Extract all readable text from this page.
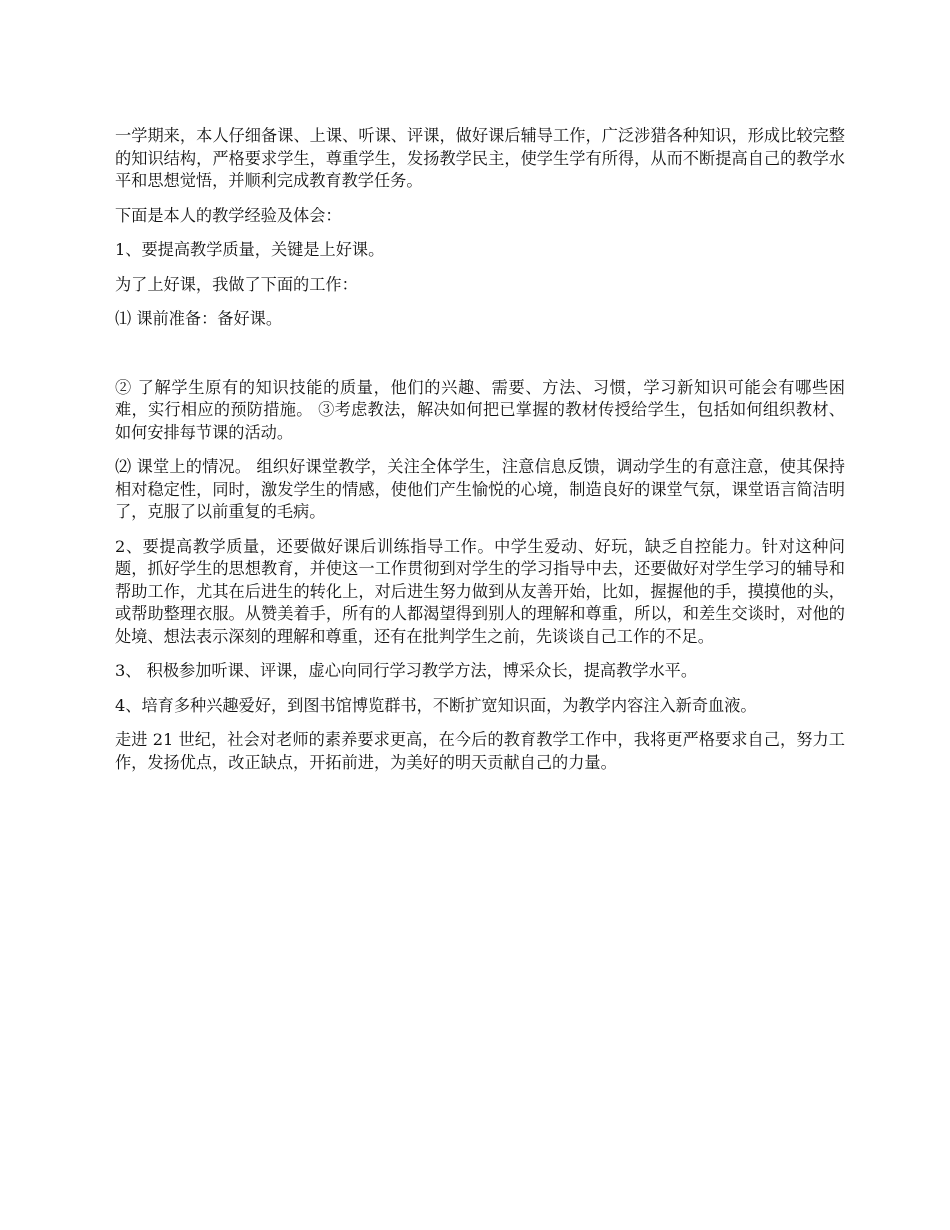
一学期来，本人仔细备课、上课、听课、评课，做好课后辅导工作，广泛涉猎各种知识，形成比较完整的知识结构，严格要求学生，尊重学生，发扬教学民主，使学生学有所得，从而不断提高自己的教学水平和思想觉悟，并顺利完成教育教学任务。

下面是本人的教学经验及体会：

1、要提高教学质量，关键是上好课。

为了上好课，我做了下面的工作：

⑴ 课前准备：备好课。

② 了解学生原有的知识技能的质量，他们的兴趣、需要、方法、习惯，学习新知识可能会有哪些困难，实行相应的预防措施。 ③考虑教法，解决如何把已掌握的教材传授给学生，包括如何组织教材、如何安排每节课的活动。

⑵ 课堂上的情况。 组织好课堂教学，关注全体学生，注意信息反馈，调动学生的有意注意，使其保持相对稳定性，同时，激发学生的情感，使他们产生愉悦的心境，制造良好的课堂气氛，课堂语言简洁明了，克服了以前重复的毛病。

2、要提高教学质量，还要做好课后训练指导工作。中学生爱动、好玩，缺乏自控能力。针对这种问题，抓好学生的思想教育，并使这一工作贯彻到对学生的学习指导中去，还要做好对学生学习的辅导和帮助工作，尤其在后进生的转化上，对后进生努力做到从友善开始，比如，握握他的手，摸摸他的头，或帮助整理衣服。从赞美着手，所有的人都渴望得到别人的理解和尊重，所以，和差生交谈时，对他的处境、想法表示深刻的理解和尊重，还有在批判学生之前，先谈谈自己工作的不足。

3、 积极参加听课、评课，虚心向同行学习教学方法，博采众长，提高教学水平。

4、培育多种兴趣爱好，到图书馆博览群书，不断扩宽知识面，为教学内容注入新奇血液。

走进 21 世纪，社会对老师的素养要求更高，在今后的教育教学工作中，我将更严格要求自己，努力工作，发扬优点，改正缺点，开拓前进，为美好的明天贡献自己的力量。
